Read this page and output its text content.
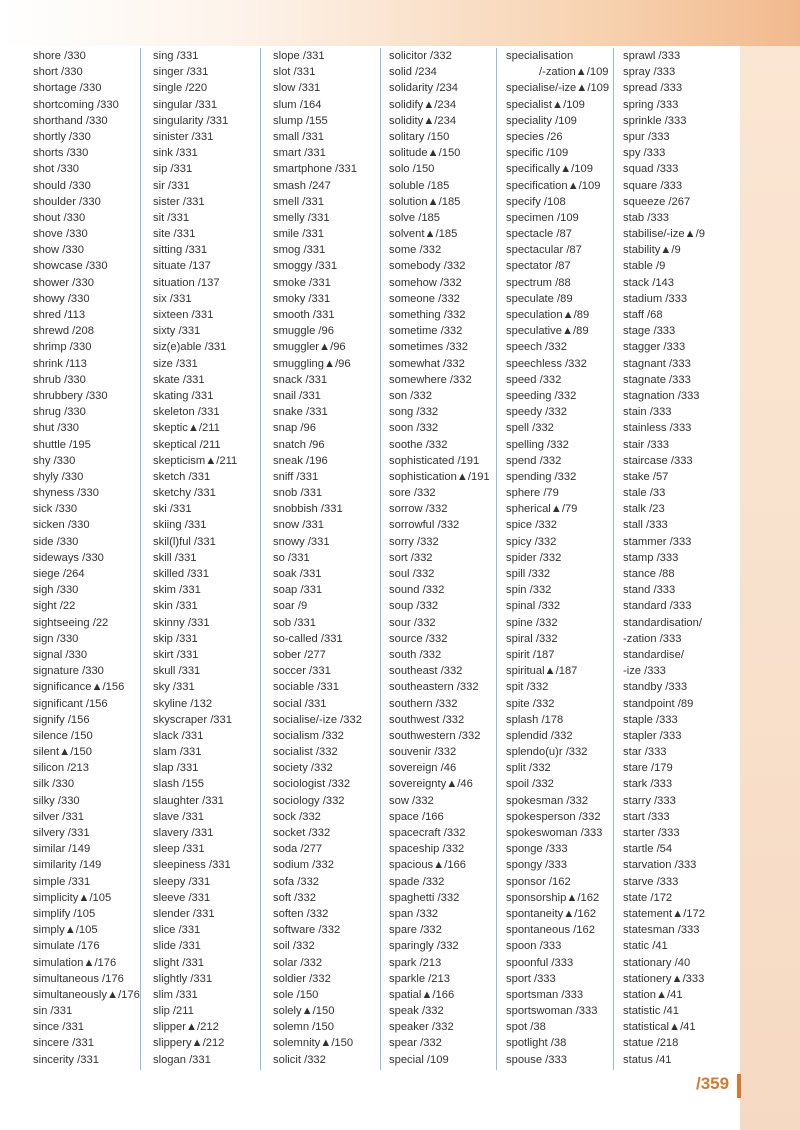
shore /330
short /330
shortage /330
shortcoming /330
shorthand /330
shortly /330
shorts /330
shot /330
should /330
shoulder /330
shout /330
shove /330
show /330
showcase /330
shower /330
showy /330
shred /113
shrewd /208
shrimp /330
shrink /113
shrub /330
shrubbery /330
shrug /330
shut /330
shuttle /195
shy /330
shyly /330
shyness /330
sick /330
sicken /330
side /330
sideways /330
siege /264
sigh /330
sight /22
sightseeing /22
sign /330
signal /330
signature /330
significance▲/156
significant /156
signify /156
silence /150
silent▲/150
silicon /213
silk /330
silky /330
silver /331
silvery /331
similar /149
similarity /149
simple /331
simplicity▲/105
simplify /105
simply▲/105
simulate /176
simulation▲/176
simultaneous /176
simultaneously▲/176
sin /331
since /331
sincere /331
sincerity /331
sing /331
singer /331
single /220
singular /331
singularity /331
sinister /331
sink /331
sip /331
sir /331
sister /331
sit /331
site /331
sitting /331
situate /137
situation /137
six /331
sixteen /331
sixty /331
siz(e)able /331
size /331
skate /331
skating /331
skeleton /331
skeptic▲/211
skeptical /211
skepticism▲/211
sketch /331
sketchy /331
ski /331
skiing /331
skil(l)ful /331
skill /331
skilled /331
skim /331
skin /331
skinny /331
skip /331
skirt /331
skull /331
sky /331
skyline /132
skyscraper /331
slack /331
slam /331
slap /331
slash /155
slaughter /331
slave /331
slavery /331
sleep /331
sleepiness /331
sleepy /331
sleeve /331
slender /331
slice /331
slide /331
slight /331
slightly /331
slim /331
slip /211
slipper▲/212
slippery▲/212
slogan /331
slope /331
slot /331
slow /331
slum /164
slump /155
small /331
smart /331
smartphone /331
smash /247
smell /331
smelly /331
smile /331
smog /331
smoggy /331
smoke /331
smoky /331
smooth /331
smuggle /96
smuggler▲/96
smuggling▲/96
snack /331
snail /331
snake /331
snap /96
snatch /96
sneak /196
sniff /331
snob /331
snobbish /331
snow /331
snowy /331
so /331
soak /331
soap /331
soar /9
sob /331
so-called /331
sober /277
soccer /331
sociable /331
social /331
socialise/-ize /332
socialism /332
socialist /332
society /332
sociologist /332
sociology /332
sock /332
socket /332
soda /277
sodium /332
sofa /332
soft /332
soften /332
software /332
soil /332
solar /332
soldier /332
sole /150
solely▲/150
solemn /150
solemnity▲/150
solicit /332
solicitor /332
solid /234
solidarity /234
solidify▲/234
solidity▲/234
solitary /150
solitude▲/150
solo /150
soluble /185
solution▲/185
solve /185
solvent▲/185
some /332
somebody /332
somehow /332
someone /332
something /332
sometime /332
sometimes /332
somewhat /332
somewhere /332
son /332
song /332
soon /332
soothe /332
sophisticated /191
sophistication▲/191
sore /332
sorrow /332
sorrowful /332
sorry /332
sort /332
soul /332
sound /332
soup /332
sour /332
source /332
south /332
southeast /332
southeastern /332
southern /332
southwest /332
southwestern /332
souvenir /332
sovereign /46
sovereignty▲/46
sow /332
space /166
spacecraft /332
spaceship /332
spacious▲/166
spade /332
spaghetti /332
span /332
spare /332
sparingly /332
spark /213
sparkle /213
spatial▲/166
speak /332
speaker /332
spear /332
special /109
specialisation
/-zation▲/109
specialise/-ize▲/109
specialist▲/109
speciality /109
species /26
specific /109
specifically▲/109
specification▲/109
specify /108
specimen /109
spectacle /87
spectacular /87
spectator /87
spectrum /88
speculate /89
speculation▲/89
speculative▲/89
speech /332
speechless /332
speed /332
speeding /332
speedy /332
spell /332
spelling /332
spend /332
spending /332
sphere /79
spherical▲/79
spice /332
spicy /332
spider /332
spill /332
spin /332
spinal /332
spine /332
spiral /332
spirit /187
spiritual▲/187
spit /332
spite /332
splash /178
splendid /332
splendo(u)r /332
split /332
spoil /332
spokesman /332
spokesperson /332
spokeswoman /333
sponge /333
spongy /333
sponsor /162
sponsorship▲/162
spontaneity▲/162
spontaneous /162
spoon /333
spoonful /333
sport /333
sportsman /333
sportswoman /333
spot /38
spotlight /38
spouse /333
sprawl /333
spray /333
spread /333
spring /333
sprinkle /333
spur /333
spy /333
squad /333
square /333
squeeze /267
stab /333
stabilise/-ize▲/9
stability▲/9
stable /9
stack /143
stadium /333
staff /68
stage /333
stagger /333
stagnant /333
stagnate /333
stagnation /333
stain /333
stainless /333
stair /333
staircase /333
stake /57
stale /33
stalk /23
stall /333
stammer /333
stamp /333
stance /88
stand /333
standard /333
standardisation/
-zation /333
standardise/
-ize /333
standby /333
standpoint /89
staple /333
stapler /333
star /333
stare /179
stark /333
starry /333
start /333
starter /333
startle /54
starvation /333
starve /333
state /172
statement▲/172
statesman /333
static /41
stationary /40
stationery▲/333
station▲/41
statistic /41
statistical▲/41
statue /218
status /41
/359
